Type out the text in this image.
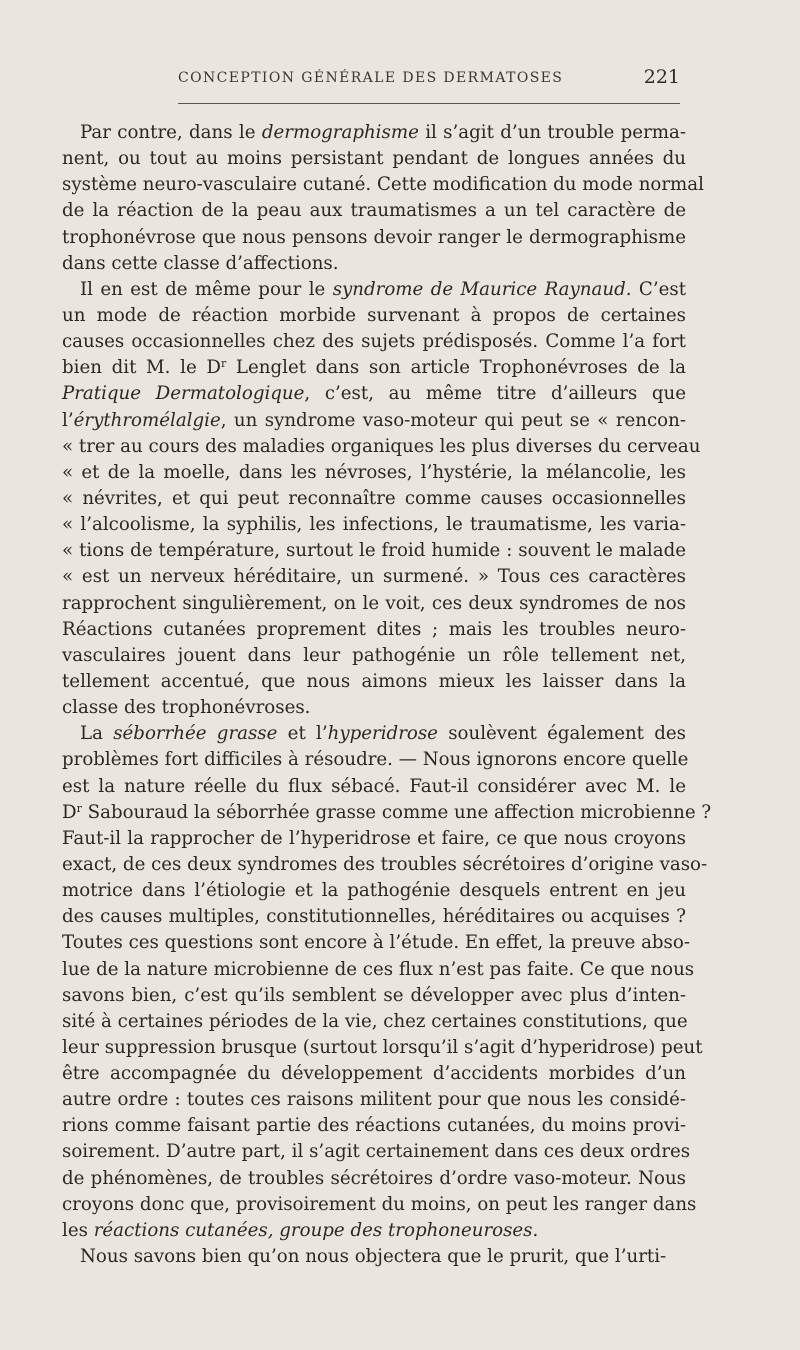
CONCEPTION GÉNÉRALE DES DERMATOSES	221

Par contre, dans le dermographisme il s’agit d’un trouble perma-
nent, ou tout au moins persistant pendant de longues années du
système neuro-vasculaire cutané. Cette modification du mode normal
de la réaction de la peau aux traumatismes a un tel caractère de
trophonévrose que nous pensons devoir ranger le dermographisme
dans cette classe d’affections.

Il en est de même pour le syndrome de Maurice Raynaud. C’est
un mode de réaction morbide survenant à propos de certaines
causes occasionnelles chez des sujets prédisposés. Comme l’a fort
bien dit M. le $D^r$ Lenglet dans son article Trophonévroses de la
Pratique Dermatologique, c’est, au même titre d’ailleurs que
l’érythromélalgie, un syndrome vaso-moteur qui peut se « rencon-
« trer au cours des maladies organiques les plus diverses du cerveau
« et de la moelle, dans les névroses, l’hystérie, la mélancolie, les
« névrites, et qui peut reconnaître comme causes occasionnelles
« l’alcoolisme, la syphilis, les infections, le traumatisme, les varia-
« tions de température, surtout le froid humide : souvent le malade
« est un nerveux héréditaire, un surmené. » Tous ces caractères
rapprochent singulièrement, on le voit, ces deux syndromes de nos
Réactions cutanées proprement dites ; mais les troubles neuro-
vasculaires jouent dans leur pathogénie un rôle tellement net,
tellement accentué, que nous aimons mieux les laisser dans la
classe des trophonévroses.

La séborrhée grasse et l’hyperidrose soulèvent également des
problèmes fort difficiles à résoudre. — Nous ignorons encore quelle
est la nature réelle du flux sébacé. Faut-il considérer avec M. le
$D^r$ Sabouraud la séborrhée grasse comme une affection microbienne ?
Faut-il la rapprocher de l’hyperidrose et faire, ce que nous croyons
exact, de ces deux syndromes des troubles sécrétoires d’origine vaso-
motrice dans l’étiologie et la pathogénie desquels entrent en jeu
des causes multiples, constitutionnelles, héréditaires ou acquises ?
Toutes ces questions sont encore à l’étude. En effet, la preuve abso-
lue de la nature microbienne de ces flux n’est pas faite. Ce que nous
savons bien, c’est qu’ils semblent se développer avec plus d’inten-
sité à certaines périodes de la vie, chez certaines constitutions, que
leur suppression brusque (surtout lorsqu’il s’agit d’hyperidrose) peut
être accompagnée du développement d’accidents morbides d’un
autre ordre : toutes ces raisons militent pour que nous les considé-
rions comme faisant partie des réactions cutanées, du moins provi-
soirement. D’autre part, il s’agit certainement dans ces deux ordres
de phénomènes, de troubles sécrétoires d’ordre vaso-moteur. Nous
croyons donc que, provisoirement du moins, on peut les ranger dans
les réactions cutanées, groupe des trophoneuroses.

Nous savons bien qu’on nous objectera que le prurit, que l’urti-
